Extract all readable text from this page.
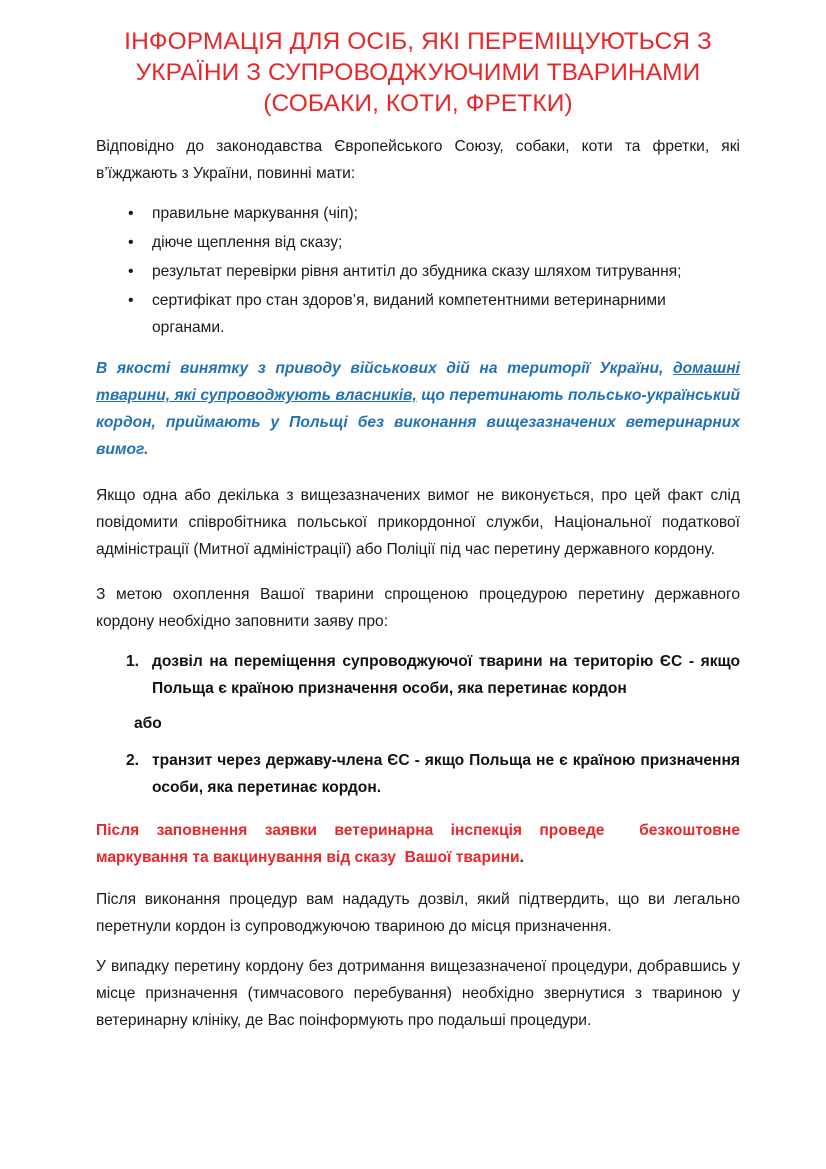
ІНФОРМАЦІЯ ДЛЯ ОСІБ, ЯКІ ПЕРЕМІЩУЮТЬСЯ З
УКРАЇНИ З СУПРОВОДЖУЮЧИМИ ТВАРИНАМИ
(СОБАКИ, КОТИ, ФРЕТКИ)

Відповідно до законодавства Європейського Союзу, собаки, коти та фретки, які в’їжджають з України, повинні мати:

• правильне маркування (чіп);
• діюче щеплення від сказу;
• результат перевірки рівня антитіл до збудника сказу шляхом титрування;
• сертифікат про стан здоров’я, виданий компетентними ветеринарними органами.

В якості винятку з приводу військових дій на території України, домашні тварини, які супроводжують власників, що перетинають польсько-український кордон, приймають у Польщі без виконання вищезазначених ветеринарних вимог.

Якщо одна або декілька з вищезазначених вимог не виконується, про цей факт слід повідомити співробітника польської прикордонної служби, Національної податкової адміністрації (Митної адміністрації) або Поліції під час перетину державного кордону.

З метою охоплення Вашої тварини спрощеною процедурою перетину державного кордону необхідно заповнити заяву про:

1. дозвіл на переміщення супроводжуючої тварини на територію ЄС - якщо Польща є країною призначення особи, яка перетинає кордон
або
2. транзит через державу-члена ЄС - якщо Польща не є країною призначення особи, яка перетинає кордон.

Після заповнення заявки ветеринарна інспекція проведе  безкоштовне маркування та вакцинування від сказу  Вашої тварини.

Після виконання процедур вам нададуть дозвіл, який підтвердить, що ви легально перетнули кордон із супроводжуючою твариною до місця призначення.

У випадку перетину кордону без дотримання вищезазначеної процедури, добравшись у місце призначення (тимчасового перебування) необхідно звернутися з твариною у ветеринарну клініку, де Вас поінформують про подальші процедури.
